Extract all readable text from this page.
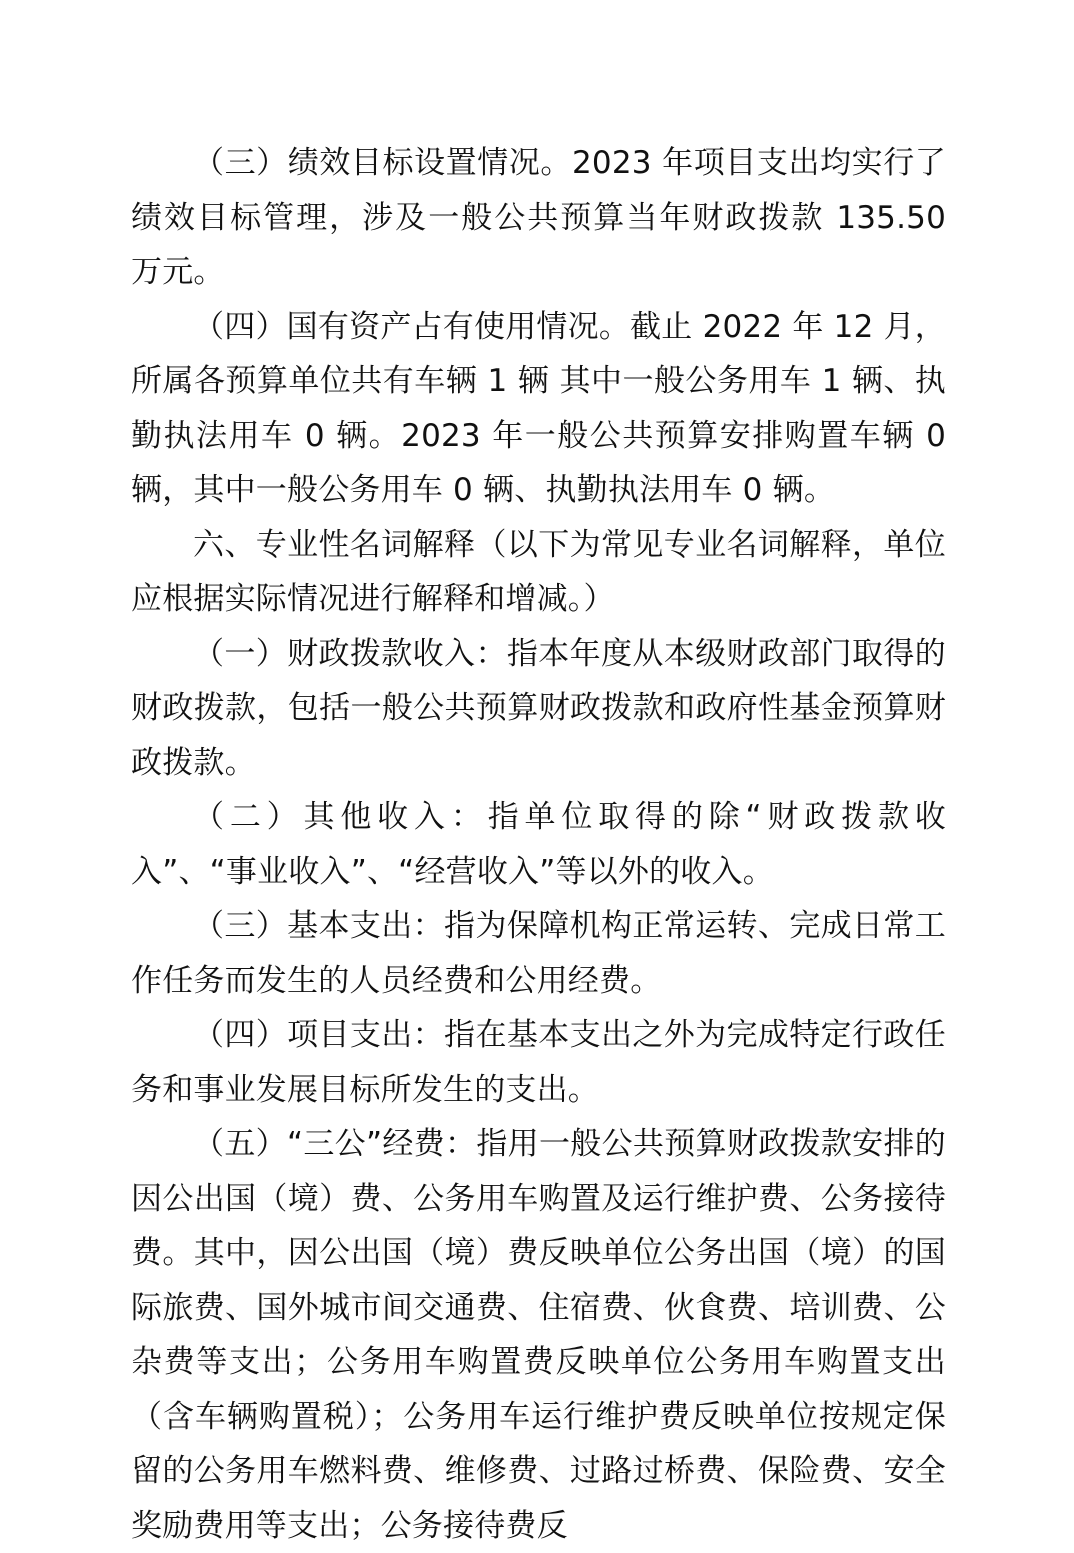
（三）绩效目标设置情况。2023 年项目支出均实行了绩效目标管理，涉及一般公共预算当年财政拨款 135.50 万元。

（四）国有资产占有使用情况。截止 2022 年 12 月，所属各预算单位共有车辆 1 辆 其中一般公务用车 1 辆、执勤执法用车 0 辆。2023 年一般公共预算安排购置车辆 0 辆，其中一般公务用车 0 辆、执勤执法用车 0 辆。

六、专业性名词解释（以下为常见专业名词解释，单位应根据实际情况进行解释和增减。）

（一）财政拨款收入：指本年度从本级财政部门取得的财政拨款，包括一般公共预算财政拨款和政府性基金预算财政拨款。

（二）其他收入：指单位取得的除“财政拨款收入”、“事业收入”、“经营收入”等以外的收入。

（三）基本支出：指为保障机构正常运转、完成日常工作任务而发生的人员经费和公用经费。

（四）项目支出：指在基本支出之外为完成特定行政任务和事业发展目标所发生的支出。

（五）“三公”经费：指用一般公共预算财政拨款安排的因公出国（境）费、公务用车购置及运行维护费、公务接待费。其中，因公出国（境）费反映单位公务出国（境）的国际旅费、国外城市间交通费、住宿费、伙食费、培训费、公杂费等支出；公务用车购置费反映单位公务用车购置支出（含车辆购置税）；公务用车运行维护费反映单位按规定保留的公务用车燃料费、维修费、过路过桥费、保险费、安全奖励费用等支出；公务接待费反
